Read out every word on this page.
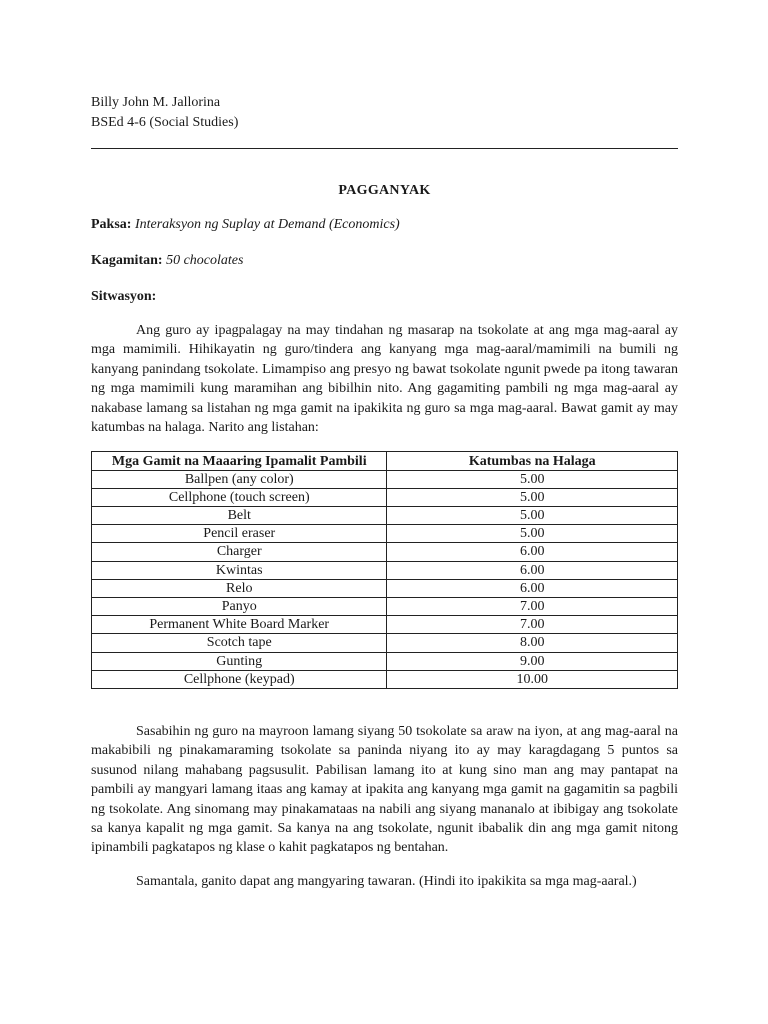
Billy John M. Jallorina
BSEd 4-6 (Social Studies)
PAGGANYAK
Paksa: Interaksyon ng Suplay at Demand (Economics)
Kagamitan: 50 chocolates
Sitwasyon:

Ang guro ay ipagpalagay na may tindahan ng masarap na tsokolate at ang mga mag-aaral ay mga mamimili. Hihikayatin ng guro/tindera ang kanyang mga mag-aaral/mamimili na bumili ng kanyang panindang tsokolate. Limampiso ang presyo ng bawat tsokolate ngunit pwede pa itong tawaran ng mga mamimili kung maramihan ang bibilhin nito. Ang gagamiting pambili ng mga mag-aaral ay nakabase lamang sa listahan ng mga gamit na ipakikita ng guro sa mga mag-aaral. Bawat gamit ay may katumbas na halaga. Narito ang listahan:

Mga Gamit na Maaaring Ipamalit Pambili	Katumbas na Halaga
Ballpen (any color)	5.00
Cellphone (touch screen)	5.00
Belt	5.00
Pencil eraser	5.00
Charger	6.00
Kwintas	6.00
Relo	6.00
Panyo	7.00
Permanent White Board Marker	7.00
Scotch tape	8.00
Gunting	9.00
Cellphone (keypad)	10.00

Sasabihin ng guro na mayroon lamang siyang 50 tsokolate sa araw na iyon, at ang mag-aaral na makabibili ng pinakamaraming tsokolate sa paninda niyang ito ay may karagdagang 5 puntos sa susunod nilang mahabang pagsusulit. Pabilisan lamang ito at kung sino man ang may pantapat na pambili ay mangyari lamang itaas ang kamay at ipakita ang kanyang mga gamit na gagamitin sa pagbili ng tsokolate. Ang sinomang may pinakamataas na nabili ang siyang mananalo at ibibigay ang tsokolate sa kanya kapalit ng mga gamit. Sa kanya na ang tsokolate, ngunit ibabalik din ang mga gamit nitong ipinambili pagkatapos ng klase o kahit pagkatapos ng bentahan.

Samantala, ganito dapat ang mangyaring tawaran. (Hindi ito ipakikita sa mga mag-aaral.)
